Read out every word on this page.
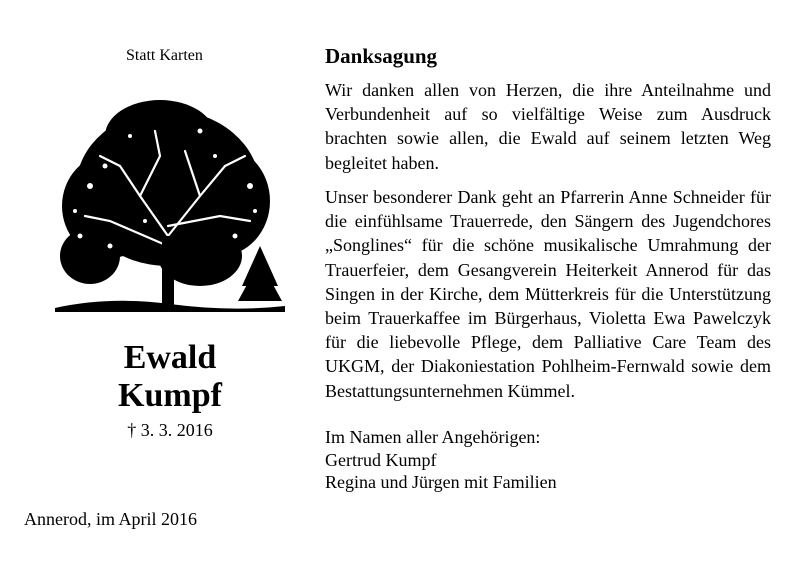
Statt Karten
Ewald
Kumpf
† 3. 3. 2016
Annerod, im April 2016
Danksagung
Wir danken allen von Herzen, die ihre Anteilnahme und Verbundenheit auf so vielfältige Weise zum Ausdruck brachten sowie allen, die Ewald auf seinem letzten Weg begleitet haben.
Unser besonderer Dank geht an Pfarrerin Anne Schneider für die einfühlsame Trauerrede, den Sängern des Jugendchores „Songlines“ für die schöne musikalische Umrahmung der Trauerfeier, dem Gesangverein Heiterkeit Annerod für das Singen in der Kirche, dem Mütterkreis für die Unterstützung beim Trauerkaffee im Bürgerhaus, Violetta Ewa Pawelczyk für die liebevolle Pflege, dem Palliative Care Team des UKGM, der Diakoniestation Pohlheim-Fernwald sowie dem Bestattungsunternehmen Kümmel.
Im Namen aller Angehörigen:
Gertrud Kumpf
Regina und Jürgen mit Familien
